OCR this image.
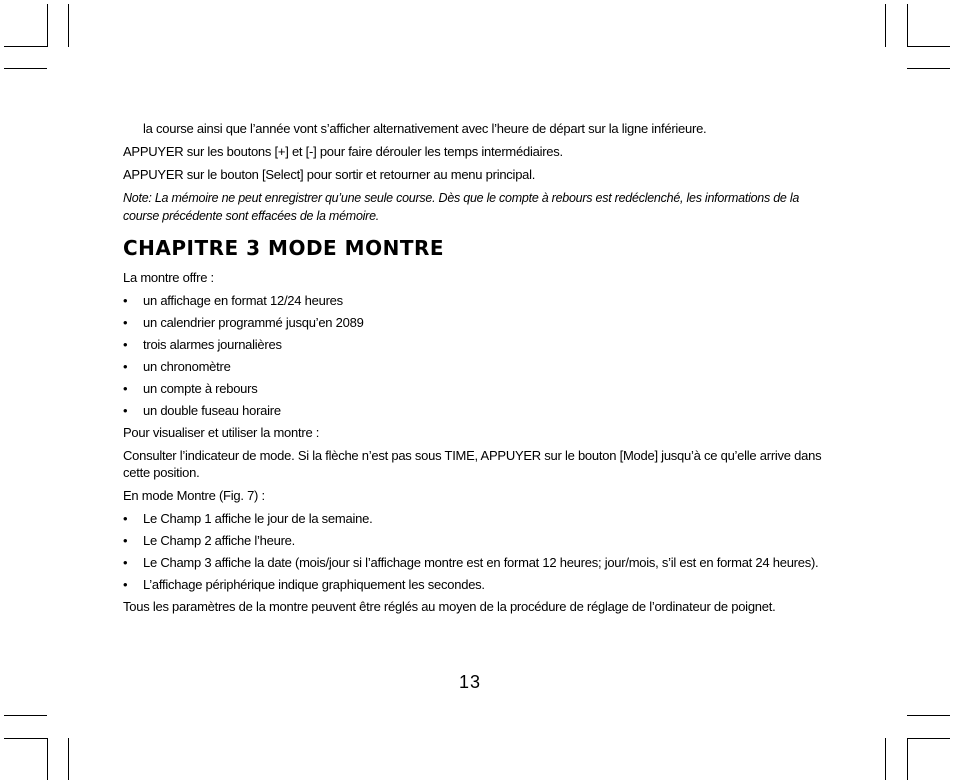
la course ainsi que l’année vont s’afficher alternativement avec l’heure de départ sur la ligne inférieure.

APPUYER sur les boutons [+] et [-] pour faire dérouler les temps intermédiaires.

APPUYER sur le bouton [Select] pour sortir et retourner au menu principal.

Note: La mémoire ne peut enregistrer qu’une seule course. Dès que le compte à rebours est redéclenché, les informations de la course précédente sont effacées de la mémoire.

CHAPITRE 3 MODE MONTRE

La montre offre :

• un affichage en format 12/24 heures
• un calendrier programmé jusqu’en 2089
• trois alarmes journalières
• un chronomètre
• un compte à rebours
• un double fuseau horaire

Pour visualiser et utiliser la montre :

Consulter l’indicateur de mode. Si la flèche n’est pas sous TIME, APPUYER sur le bouton [Mode] jusqu’à ce qu’elle arrive dans cette position.

En mode Montre (Fig. 7) :

• Le Champ 1 affiche le jour de la semaine.
• Le Champ 2 affiche l’heure.
• Le Champ 3 affiche la date (mois/jour si l’affichage montre est en format 12 heures; jour/mois, s’il est en format 24 heures).
• L’affichage périphérique indique graphiquement les secondes.

Tous les paramètres de la montre peuvent être réglés au moyen de la procédure de réglage de l’ordinateur de poignet.

13
